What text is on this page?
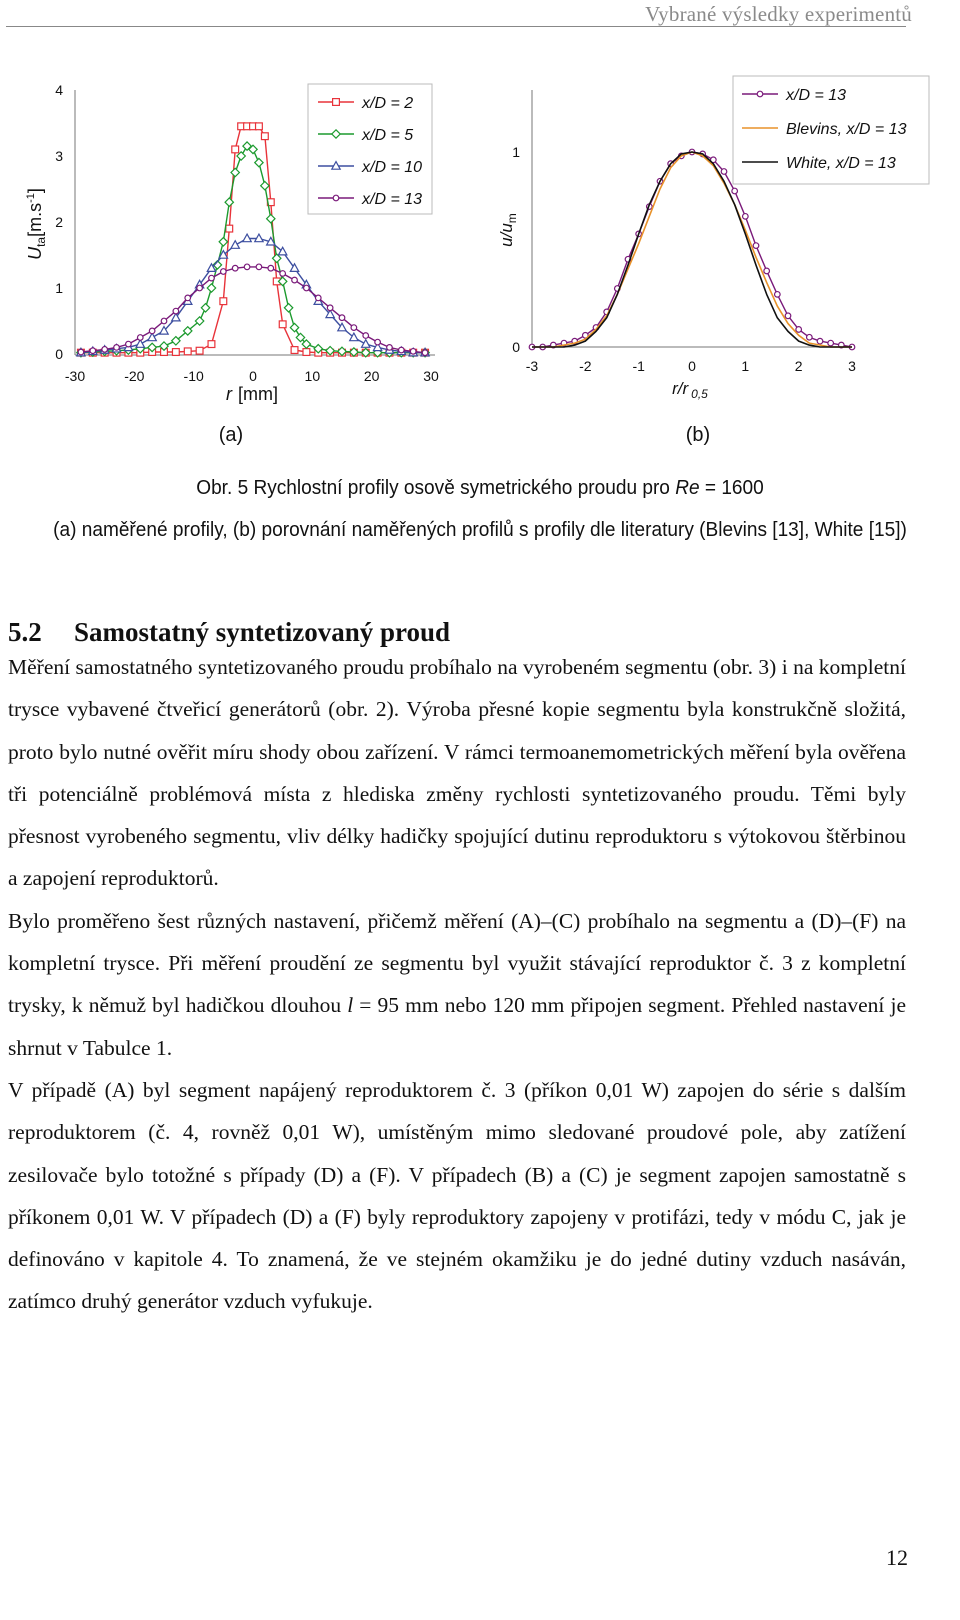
Vybrané výsledky experimentů
-30	-20	-10	0	10	20	30
0
1
2
3
4
$U_{ta}[m.s^{-1}]$
r [mm]
(a)
x/D = 2
x/D = 5
x/D = 10
x/D = 13
-3	-2	-1	0	1	2	3
0
1
$u/u_m$
r/r $_{0,5}$
(b)
x/D = 13
Blevins, x/D = 13
White, x/D = 13
Obr. 5 Rychlostní profily osově symetrického proudu pro Re = 1600
(a) naměřené profily, (b) porovnání naměřených profilů s profily dle literatury (Blevins [13], White [15])
5.2 Samostatný syntetizovaný proud

Měření samostatného syntetizovaného proudu probíhalo na vyrobeném segmentu (obr. 3) i na kompletní trysce vybavené čtveřicí generátorů (obr. 2). Výroba přesné kopie segmentu byla konstrukčně složitá, proto bylo nutné ověřit míru shody obou zařízení. V rámci termoanemometrických měření byla ověřena tři potenciálně problémová místa z hlediska změny rychlosti syntetizovaného proudu. Těmi byly přesnost vyrobeného segmentu, vliv délky hadičky spojující dutinu reproduktoru s výtokovou štěrbinou a zapojení reproduktorů.

Bylo proměřeno šest různých nastavení, přičemž měření (A)–(C) probíhalo na segmentu a (D)–(F) na kompletní trysce. Při měření proudění ze segmentu byl využit stávající reproduktor č. 3 z kompletní trysky, k němuž byl hadičkou dlouhou l = 95 mm nebo 120 mm připojen segment. Přehled nastavení je shrnut v Tabulce 1.

V případě (A) byl segment napájený reproduktorem č. 3 (příkon 0,01 W) zapojen do série s dalším reproduktorem (č. 4, rovněž 0,01 W), umístěným mimo sledované proudové pole, aby zatížení zesilovače bylo totožné s případy (D) a (F). V případech (B) a (C) je segment zapojen samostatně s příkonem 0,01 W. V případech (D) a (F) byly reproduktory zapojeny v protifázi, tedy v módu C, jak je definováno v kapitole 4. To znamená, že ve stejném okamžiku je do jedné dutiny vzduch nasáván, zatímco druhý generátor vzduch vyfukuje.

12
